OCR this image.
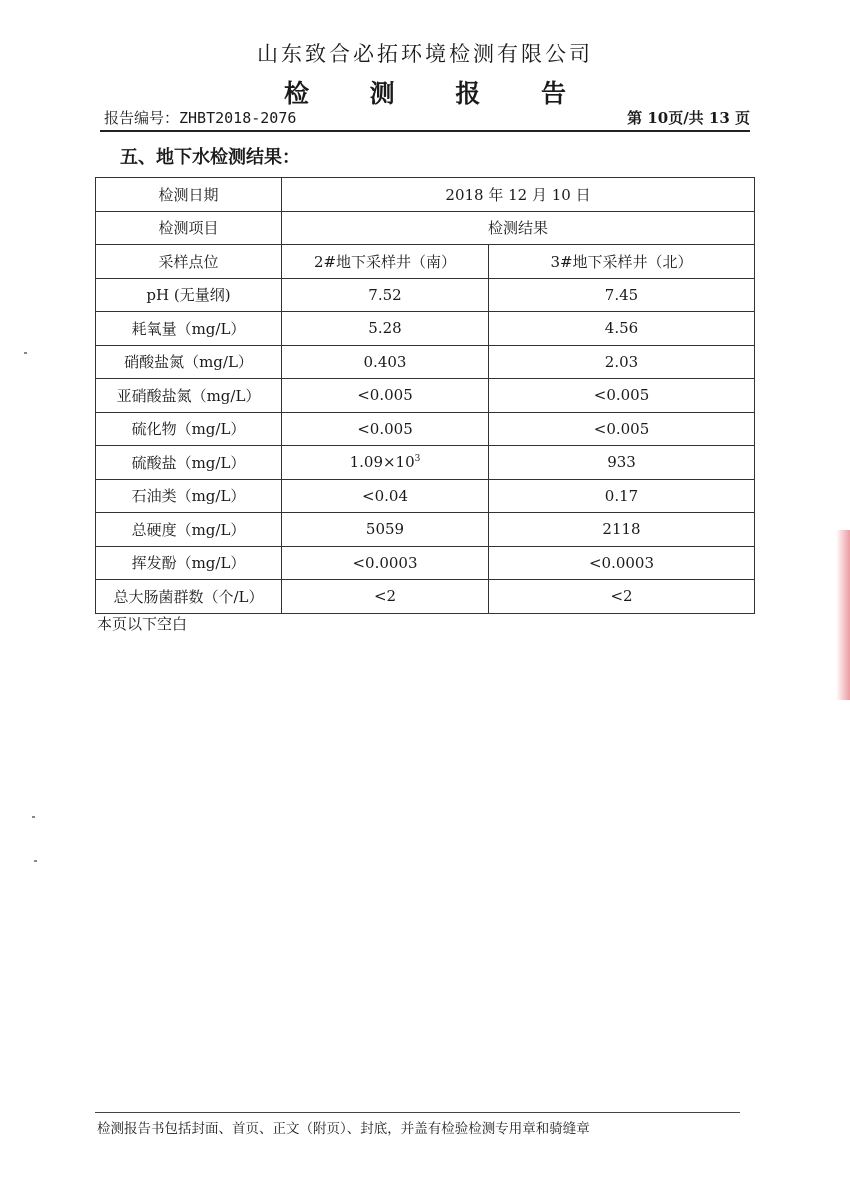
山东致合必拓环境检测有限公司
检 测 报 告
报告编号：ZHBT2018-2076	第 10页/共 13 页
五、地下水检测结果：
检测日期	2018 年 12 月 10 日	
检测项目	检测结果	
采样点位	2#地下采样井（南）	3#地下采样井（北）
pH (无量纲)	7.52	7.45
耗氧量（mg/L）	5.28	4.56
硝酸盐氮（mg/L）	0.403	2.03
亚硝酸盐氮（mg/L）	<0.005	<0.005
硫化物（mg/L）	<0.005	<0.005
硫酸盐（mg/L）	$1.09\times 10^3$	933
石油类（mg/L）	<0.04	0.17
总硬度（mg/L）	5059	2118
挥发酚（mg/L）	<0.0003	<0.0003
总大肠菌群数（个/L）	<2	<2
本页以下空白
检测报告书包括封面、首页、正文（附页）、封底，并盖有检验检测专用章和骑缝章
